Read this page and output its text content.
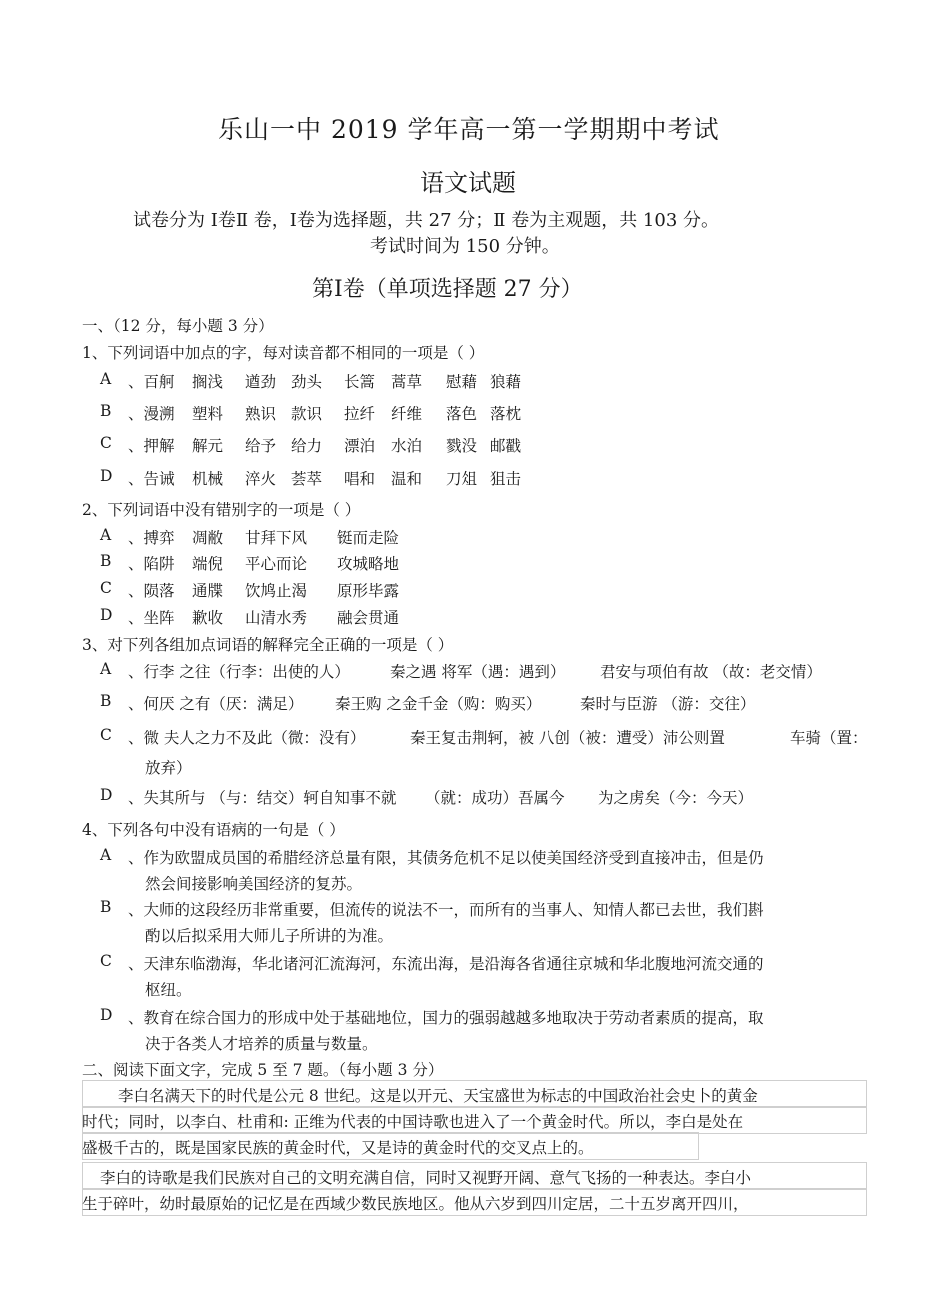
乐山一中 2019 学年高一第一学期期中考试
语文试题
试卷分为 Ⅰ卷Ⅱ 卷，Ⅰ卷为选择题，共 27 分；Ⅱ 卷为主观题，共 103 分。
考试时间为 150 分钟。
第Ⅰ卷（单项选择题 27 分）
一、（12 分，每小题 3 分）
1、下列词语中加点的字，每对读音都不相同的一项是（ ）
A 、百舸 搁浅 遒劲 劲头 长篙 蒿草 慰藉 狼藉
B 、漫溯 塑料 熟识 款识 拉纤 纤维 落色 落枕
C 、押解 解元 给予 给力 漂泊 水泊 戮没 邮戳
D 、告诫 机械 淬火 荟萃 唱和 温和 刀俎 狙击
2、下列词语中没有错别字的一项是（ ）
A 、搏弈 凋敝 甘拜下风 铤而走险
B 、陷阱 端倪 平心而论 攻城略地
C 、陨落 通牒 饮鸠止渴 原形毕露
D 、坐阵 歉收 山清水秀 融会贯通
3、对下列各组加点词语的解释完全正确的一项是（ ）
A 、行李 之往（行李：出使的人）	秦之遇 将军（遇：遇到） 君安与项伯有故 （故：老交情）
B 、何厌 之有（厌：满足） 秦王购 之金千金（购：购买） 秦时与臣游 （游：交往）
C 、微 夫人之力不及此（微：没有）	秦王复击荆轲，被 八创（被：遭受）沛公则置	车骑（置：
放弃）
D 、失其所与 （与：结交）轲自知事不就 （就：成功）吾属今 为之虏矣（今：今天）
4、下列各句中没有语病的一句是（ ）
A 、作为欧盟成员国的希腊经济总量有限，其债务危机不足以使美国经济受到直接冲击，但是仍
然会间接影响美国经济的复苏。
B 、大师的这段经历非常重要，但流传的说法不一，而所有的当事人、知情人都已去世，我们斟
酌以后拟采用大师儿子所讲的为准。
C 、天津东临渤海，华北诸河汇流海河，东流出海，是沿海各省通往京城和华北腹地河流交通的
枢纽。
D 、教育在综合国力的形成中处于基础地位，国力的强弱越越多地取决于劳动者素质的提高，取
决于各类人才培养的质量与数量。
二、阅读下面文字，完成 5 至 7 题。（每小题 3 分）
李白名满天下的时代是公元 8 世纪。这是以开元、天宝盛世为标志的中国政治社会史卜的黄金
时代；同时，以李白、杜甫和: 正维为代表的中国诗歌也进入了一个黄金时代。所以，李白是处在
盛极千古的，既是国家民族的黄金时代，又是诗的黄金时代的交叉点上的。
李白的诗歌是我们民族对自己的文明充满自信，同时又视野开阔、意气飞扬的一种表达。李白小
生于碎叶，幼时最原始的记忆是在西域少数民族地区。他从六岁到四川定居，二十五岁离开四川，
